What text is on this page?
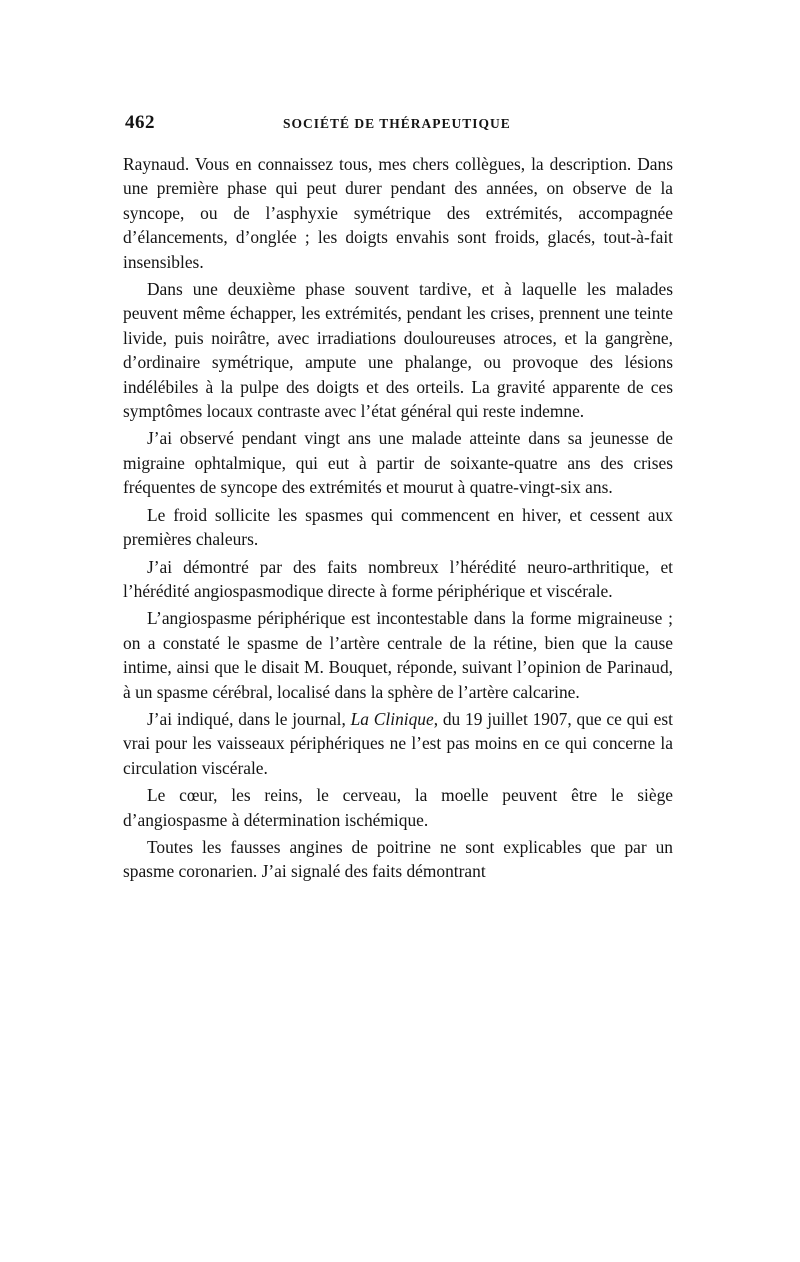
462	SOCIÉTÉ DE THÉRAPEUTIQUE

Raynaud. Vous en connaissez tous, mes chers collègues, la description. Dans une première phase qui peut durer pendant des années, on observe de la syncope, ou de l’asphyxie symétrique des extrémités, accompagnée d’élancements, d’onglée ; les doigts envahis sont froids, glacés, tout-à-fait insensibles.

Dans une deuxième phase souvent tardive, et à laquelle les malades peuvent même échapper, les extrémités, pendant les crises, prennent une teinte livide, puis noirâtre, avec irradiations douloureuses atroces, et la gangrène, d’ordinaire symétrique, ampute une phalange, ou provoque des lésions indélébiles à la pulpe des doigts et des orteils. La gravité apparente de ces symptômes locaux contraste avec l’état général qui reste indemne.

J’ai observé pendant vingt ans une malade atteinte dans sa jeunesse de migraine ophtalmique, qui eut à partir de soixante-quatre ans des crises fréquentes de syncope des extrémités et mourut à quatre-vingt-six ans.

Le froid sollicite les spasmes qui commencent en hiver, et cessent aux premières chaleurs.

J’ai démontré par des faits nombreux l’hérédité neuro-arthritique, et l’hérédité angiospasmodique directe à forme périphérique et viscérale.

L’angiospasme périphérique est incontestable dans la forme migraineuse ; on a constaté le spasme de l’artère centrale de la rétine, bien que la cause intime, ainsi que le disait M. Bouquet, réponde, suivant l’opinion de Parinaud, à un spasme cérébral, localisé dans la sphère de l’artère calcarine.

J’ai indiqué, dans le journal, La Clinique, du 19 juillet 1907, que ce qui est vrai pour les vaisseaux périphériques ne l’est pas moins en ce qui concerne la circulation viscérale.

Le cœur, les reins, le cerveau, la moelle peuvent être le siège d’angiospasme à détermination ischémique.

Toutes les fausses angines de poitrine ne sont explicables que par un spasme coronarien. J’ai signalé des faits démontrant
